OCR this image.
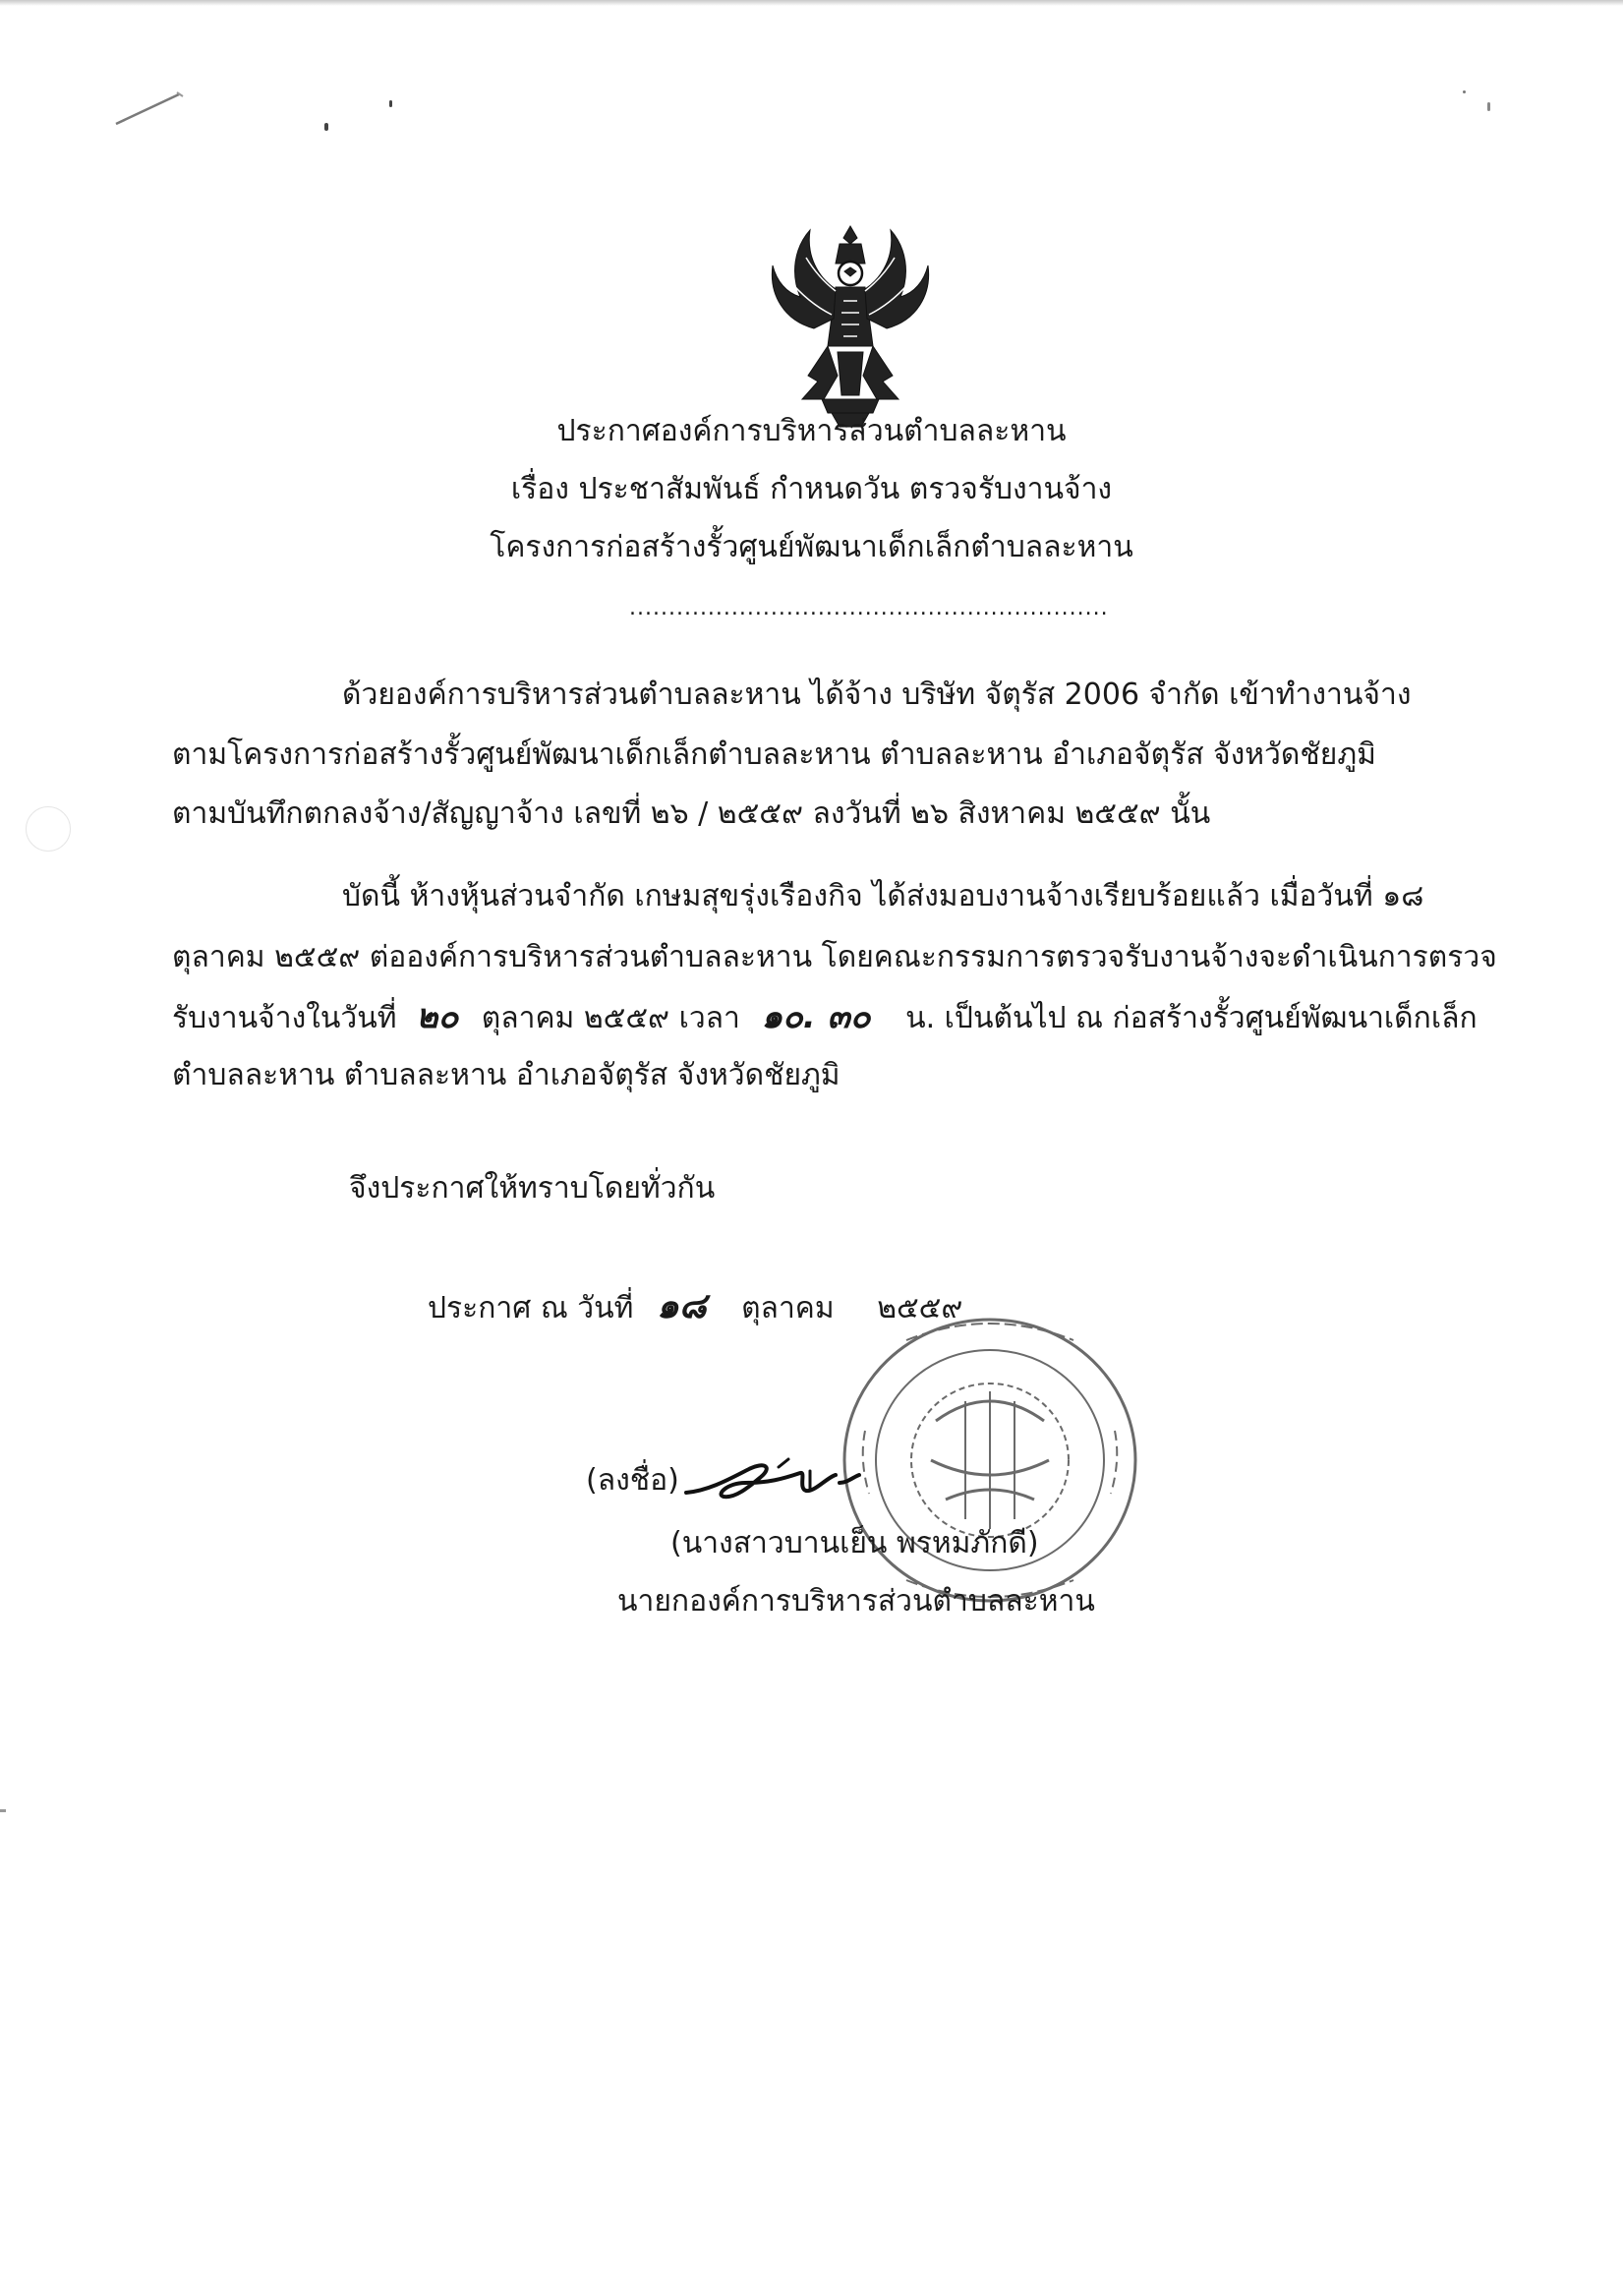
ประกาศองค์การบริหารส่วนตำบลละหาน
เรื่อง ประชาสัมพันธ์ กำหนดวัน ตรวจรับงานจ้าง
โครงการก่อสร้างรั้วศูนย์พัฒนาเด็กเล็กตำบลละหาน
.............................................................
ด้วยองค์การบริหารส่วนตำบลละหาน ได้จ้าง บริษัท จัตุรัส 2006 จำกัด เข้าทำงานจ้าง
ตามโครงการก่อสร้างรั้วศูนย์พัฒนาเด็กเล็กตำบลละหาน ตำบลละหาน อำเภอจัตุรัส จังหวัดชัยภูมิ
ตามบันทึกตกลงจ้าง/สัญญาจ้าง เลขที่ ๒๖ / ๒๕๕๙ ลงวันที่ ๒๖ สิงหาคม ๒๕๕๙ นั้น
บัดนี้ ห้างหุ้นส่วนจำกัด เกษมสุขรุ่งเรืองกิจ ได้ส่งมอบงานจ้างเรียบร้อยแล้ว เมื่อวันที่ ๑๘
ตุลาคม ๒๕๕๙ ต่อองค์การบริหารส่วนตำบลละหาน โดยคณะกรรมการตรวจรับงานจ้างจะดำเนินการตรวจ
รับงานจ้างในวันที่ ๒๐ ตุลาคม ๒๕๕๙ เวลา ๑๐. ๓๐ น. เป็นต้นไป ณ ก่อสร้างรั้วศูนย์พัฒนาเด็กเล็ก
ตำบลละหาน ตำบลละหาน อำเภอจัตุรัส จังหวัดชัยภูมิ
จึงประกาศให้ทราบโดยทั่วกัน
ประกาศ ณ วันที่ ๑๘ ตุลาคม ๒๕๕๙
(ลงชื่อ)
(นางสาวบานเย็น พรหมภักดี)
นายกองค์การบริหารส่วนตำบลละหาน
